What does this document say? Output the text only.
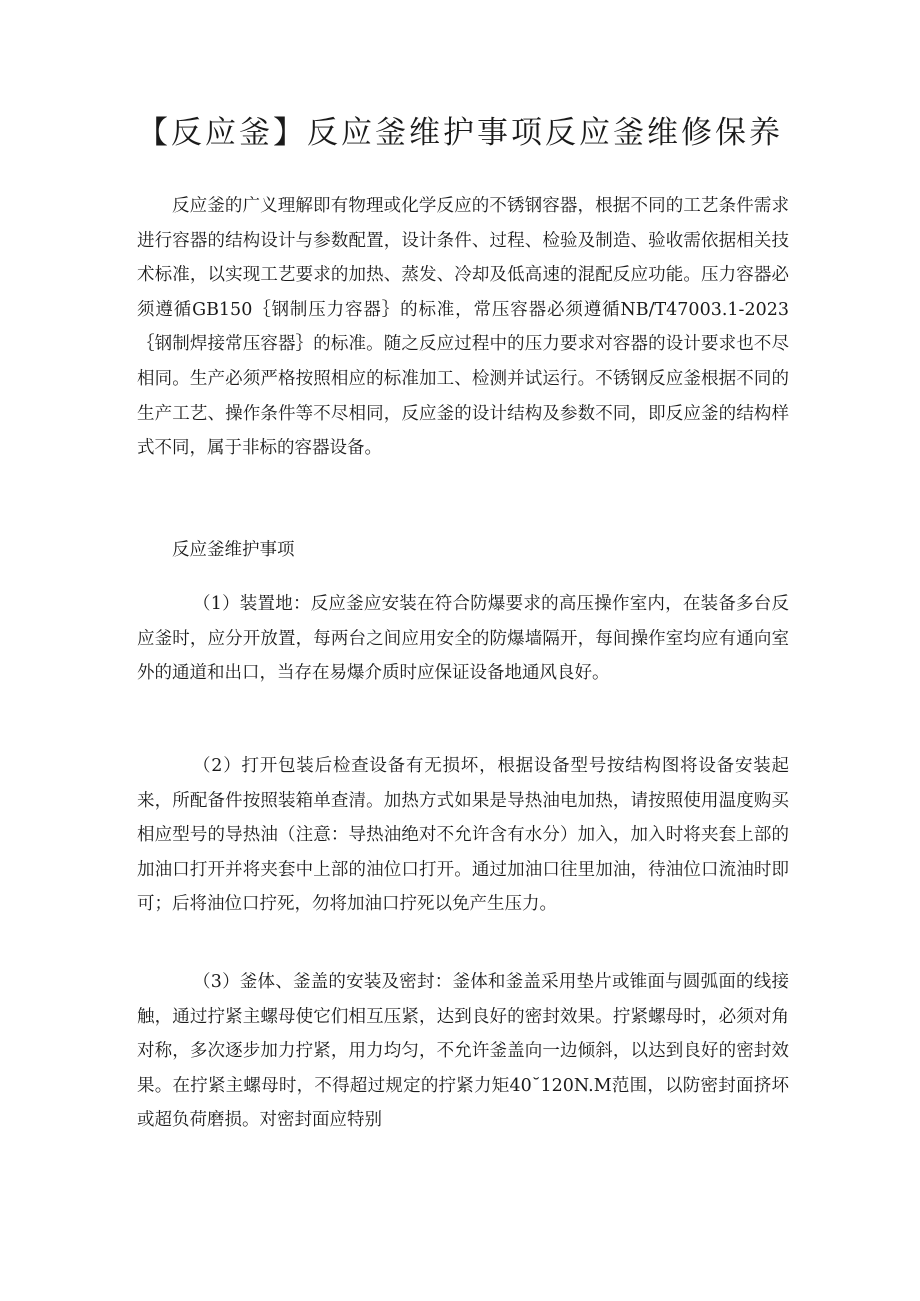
【反应釜】反应釜维护事项反应釜维修保养

反应釜的广义理解即有物理或化学反应的不锈钢容器，根据不同的工艺条件需求进行容器的结构设计与参数配置，设计条件、过程、检验及制造、验收需依据相关技术标准，以实现工艺要求的加热、蒸发、冷却及低高速的混配反应功能。压力容器必须遵循GB150｛钢制压力容器｝的标准，常压容器必须遵循NB/T47003.1-2023｛钢制焊接常压容器｝的标准。随之反应过程中的压力要求对容器的设计要求也不尽相同。生产必须严格按照相应的标准加工、检测并试运行。不锈钢反应釜根据不同的生产工艺、操作条件等不尽相同，反应釜的设计结构及参数不同，即反应釜的结构样式不同，属于非标的容器设备。

反应釜维护事项

（1）装置地：反应釜应安装在符合防爆要求的高压操作室内，在装备多台反应釜时，应分开放置，每两台之间应用安全的防爆墙隔开，每间操作室均应有通向室外的通道和出口，当存在易爆介质时应保证设备地通风良好。

（2）打开包装后检查设备有无损坏，根据设备型号按结构图将设备安装起来，所配备件按照装箱单查清。加热方式如果是导热油电加热，请按照使用温度购买相应型号的导热油（注意：导热油绝对不允许含有水分）加入，加入时将夹套上部的加油口打开并将夹套中上部的油位口打开。通过加油口往里加油，待油位口流油时即可；后将油位口拧死，勿将加油口拧死以免产生压力。

（3）釜体、釜盖的安装及密封：釜体和釜盖采用垫片或锥面与圆弧面的线接触，通过拧紧主螺母使它们相互压紧，达到良好的密封效果。拧紧螺母时，必须对角对称，多次逐步加力拧紧，用力均匀，不允许釜盖向一边倾斜，以达到良好的密封效果。在拧紧主螺母时，不得超过规定的拧紧力矩40˘120N.M范围，以防密封面挤坏或超负荷磨损。对密封面应特别
